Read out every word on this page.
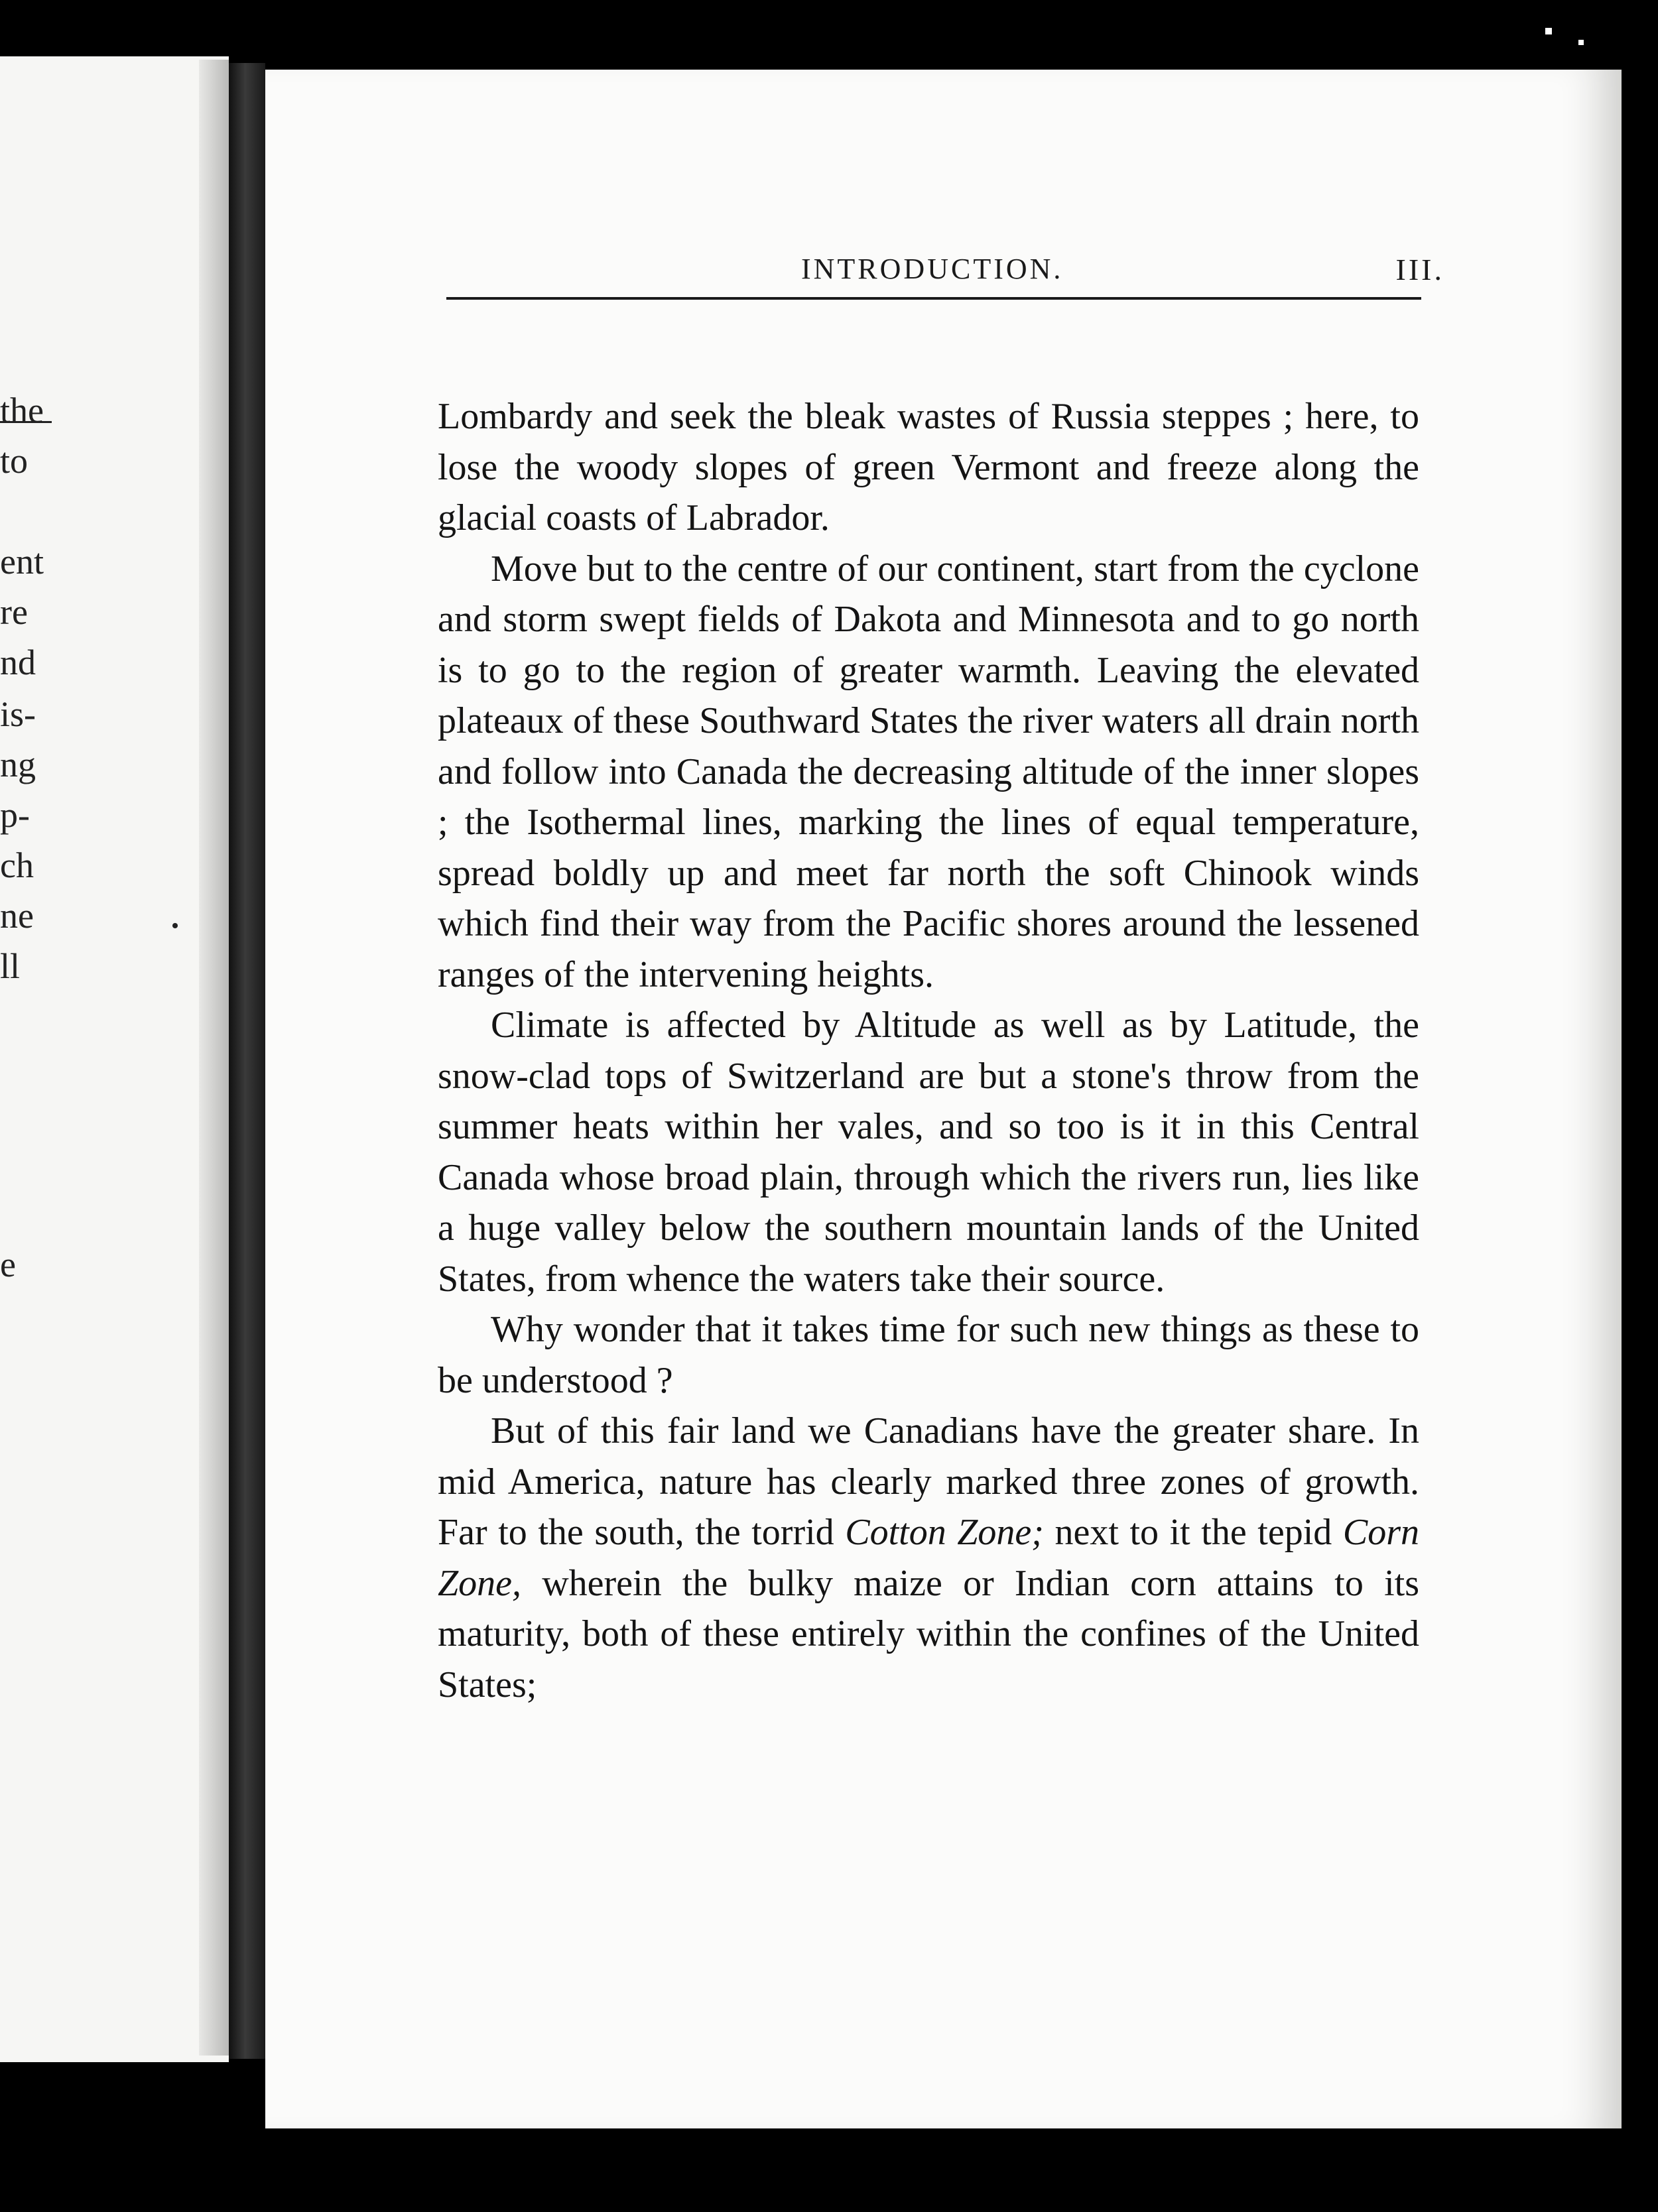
the
to
ent
re
nd
is-
ng
p-
ch
ne
ll
e
INTRODUCTION.	III.

Lombardy and seek the bleak wastes of Russia steppes ; here, to lose the woody slopes of green Vermont and freeze along the glacial coasts of Labrador.

Move but to the centre of our continent, start from the cyclone and storm swept fields of Dakota and Minnesota and to go north is to go to the region of greater warmth. Leaving the elevated plateaux of these Southward States the river waters all drain north and follow into Canada the decreasing altitude of the inner slopes ; the Isothermal lines, marking the lines of equal temperature, spread boldly up and meet far north the soft Chinook winds which find their way from the Pacific shores around the lessened ranges of the intervening heights.

Climate is affected by Altitude as well as by Latitude, the snow-clad tops of Switzerland are but a stone's throw from the summer heats within her vales, and so too is it in this Central Canada whose broad plain, through which the rivers run, lies like a huge valley below the southern mountain lands of the United States, from whence the waters take their source.

Why wonder that it takes time for such new things as these to be understood ?

But of this fair land we Canadians have the greater share. In mid America, nature has clearly marked three zones of growth. Far to the south, the torrid Cotton Zone; next to it the tepid Corn Zone, wherein the bulky maize or Indian corn attains to its maturity, both of these entirely within the confines of the United States;
